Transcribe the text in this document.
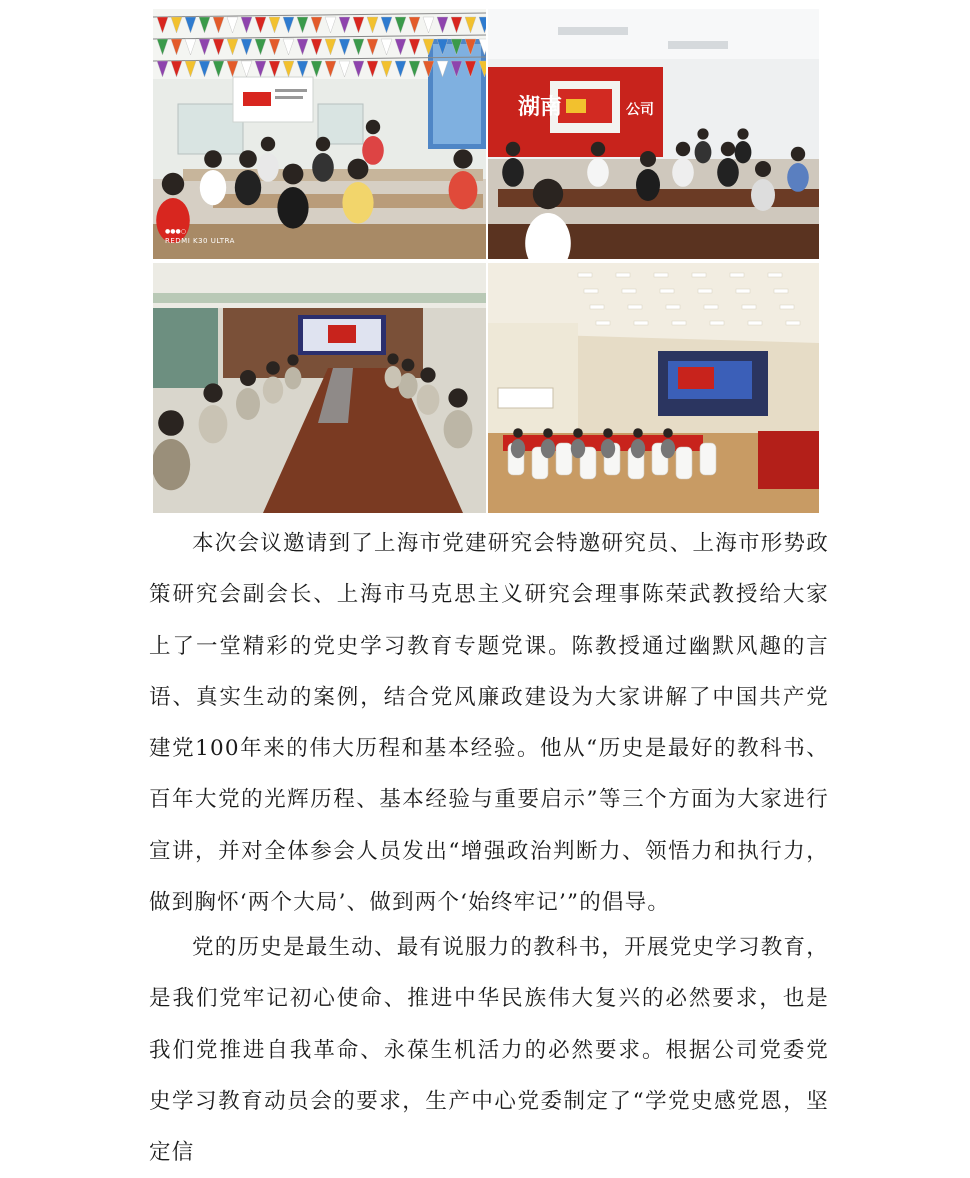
●●●○
REDMI K30 ULTRA
湖南	公司

本次会议邀请到了上海市党建研究会特邀研究员、上海市形势政策研究会副会长、上海市马克思主义研究会理事陈荣武教授给大家上了一堂精彩的党史学习教育专题党课。陈教授通过幽默风趣的言语、真实生动的案例，结合党风廉政建设为大家讲解了中国共产党建党100年来的伟大历程和基本经验。他从“历史是最好的教科书、百年大党的光辉历程、基本经验与重要启示”等三个方面为大家进行宣讲，并对全体参会人员发出“增强政治判断力、领悟力和执行力，做到胸怀‘两个大局’、做到两个‘始终牢记’”的倡导。

党的历史是最生动、最有说服力的教科书，开展党史学习教育，是我们党牢记初心使命、推进中华民族伟大复兴的必然要求，也是我们党推进自我革命、永葆生机活力的必然要求。根据公司党委党史学习教育动员会的要求，生产中心党委制定了“学党史感党恩，坚定信
